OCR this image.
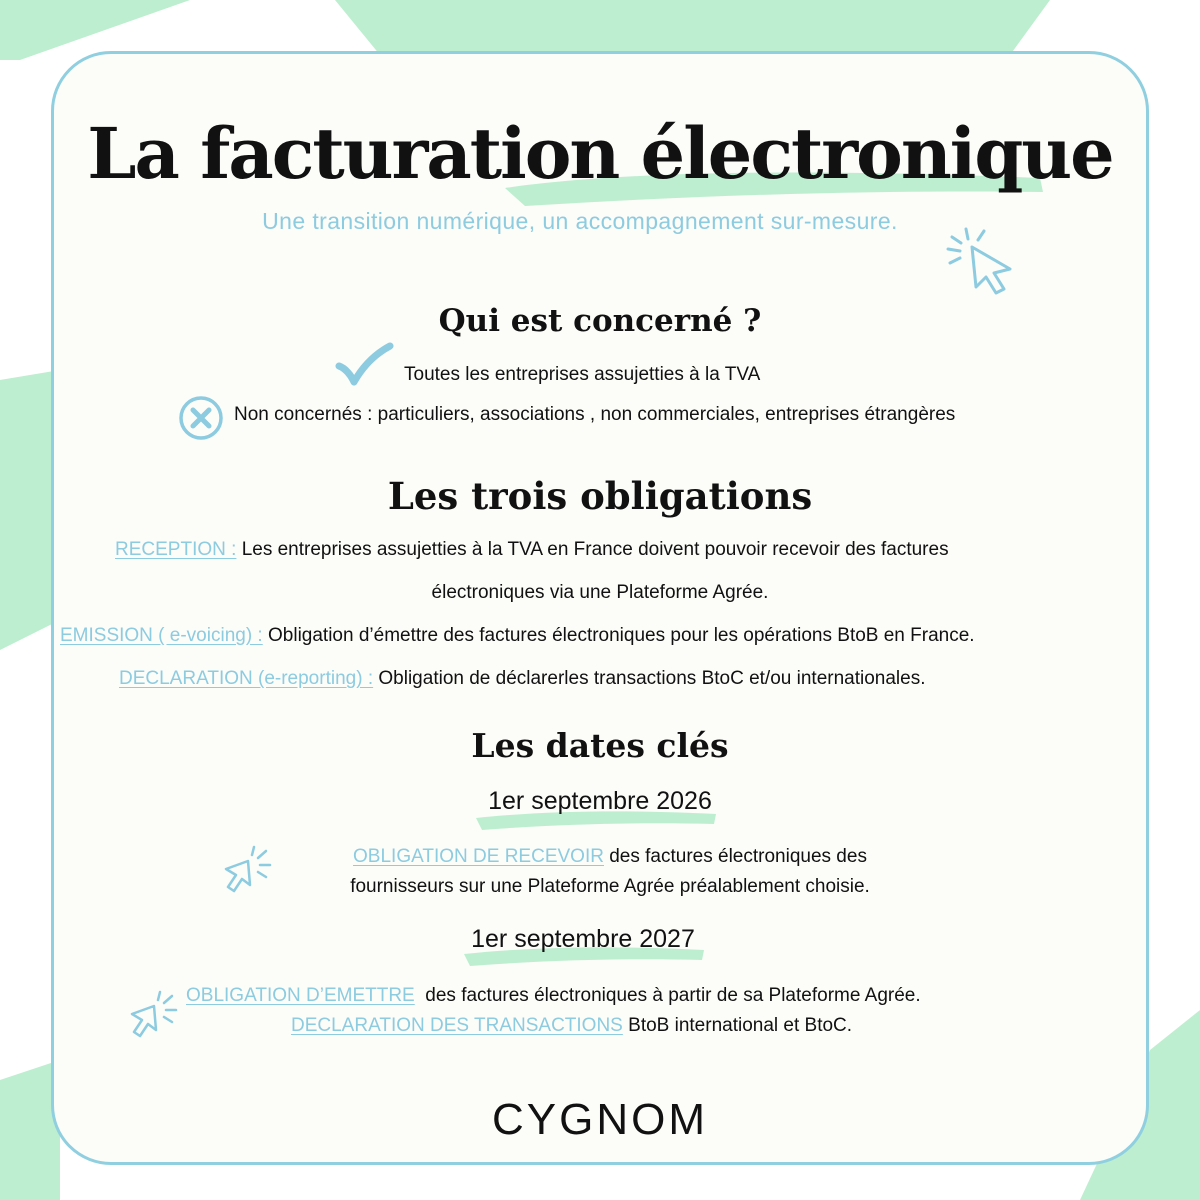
La facturation électronique
Une transition numérique, un accompagnement sur-mesure.
Qui est concerné ?
Toutes les entreprises assujetties à la TVA
Non concernés : particuliers, associations , non commerciales, entreprises étrangères
Les trois obligations
RECEPTION : Les entreprises assujetties à la TVA en France doivent pouvoir recevoir des factures
électroniques via une Plateforme Agrée.
EMISSION ( e-voicing) : Obligation d’émettre des factures électroniques pour les opérations BtoB en France.
DECLARATION (e-reporting) : Obligation de déclarerles transactions BtoC et/ou internationales.
Les dates clés
1er septembre 2026
OBLIGATION DE RECEVOIR des factures électroniques des
fournisseurs sur une Plateforme Agrée préalablement choisie.
1er septembre 2027
OBLIGATION D’EMETTRE des factures électroniques à partir de sa Plateforme Agrée.
DECLARATION DES TRANSACTIONS BtoB international et BtoC.
CYGNOM
